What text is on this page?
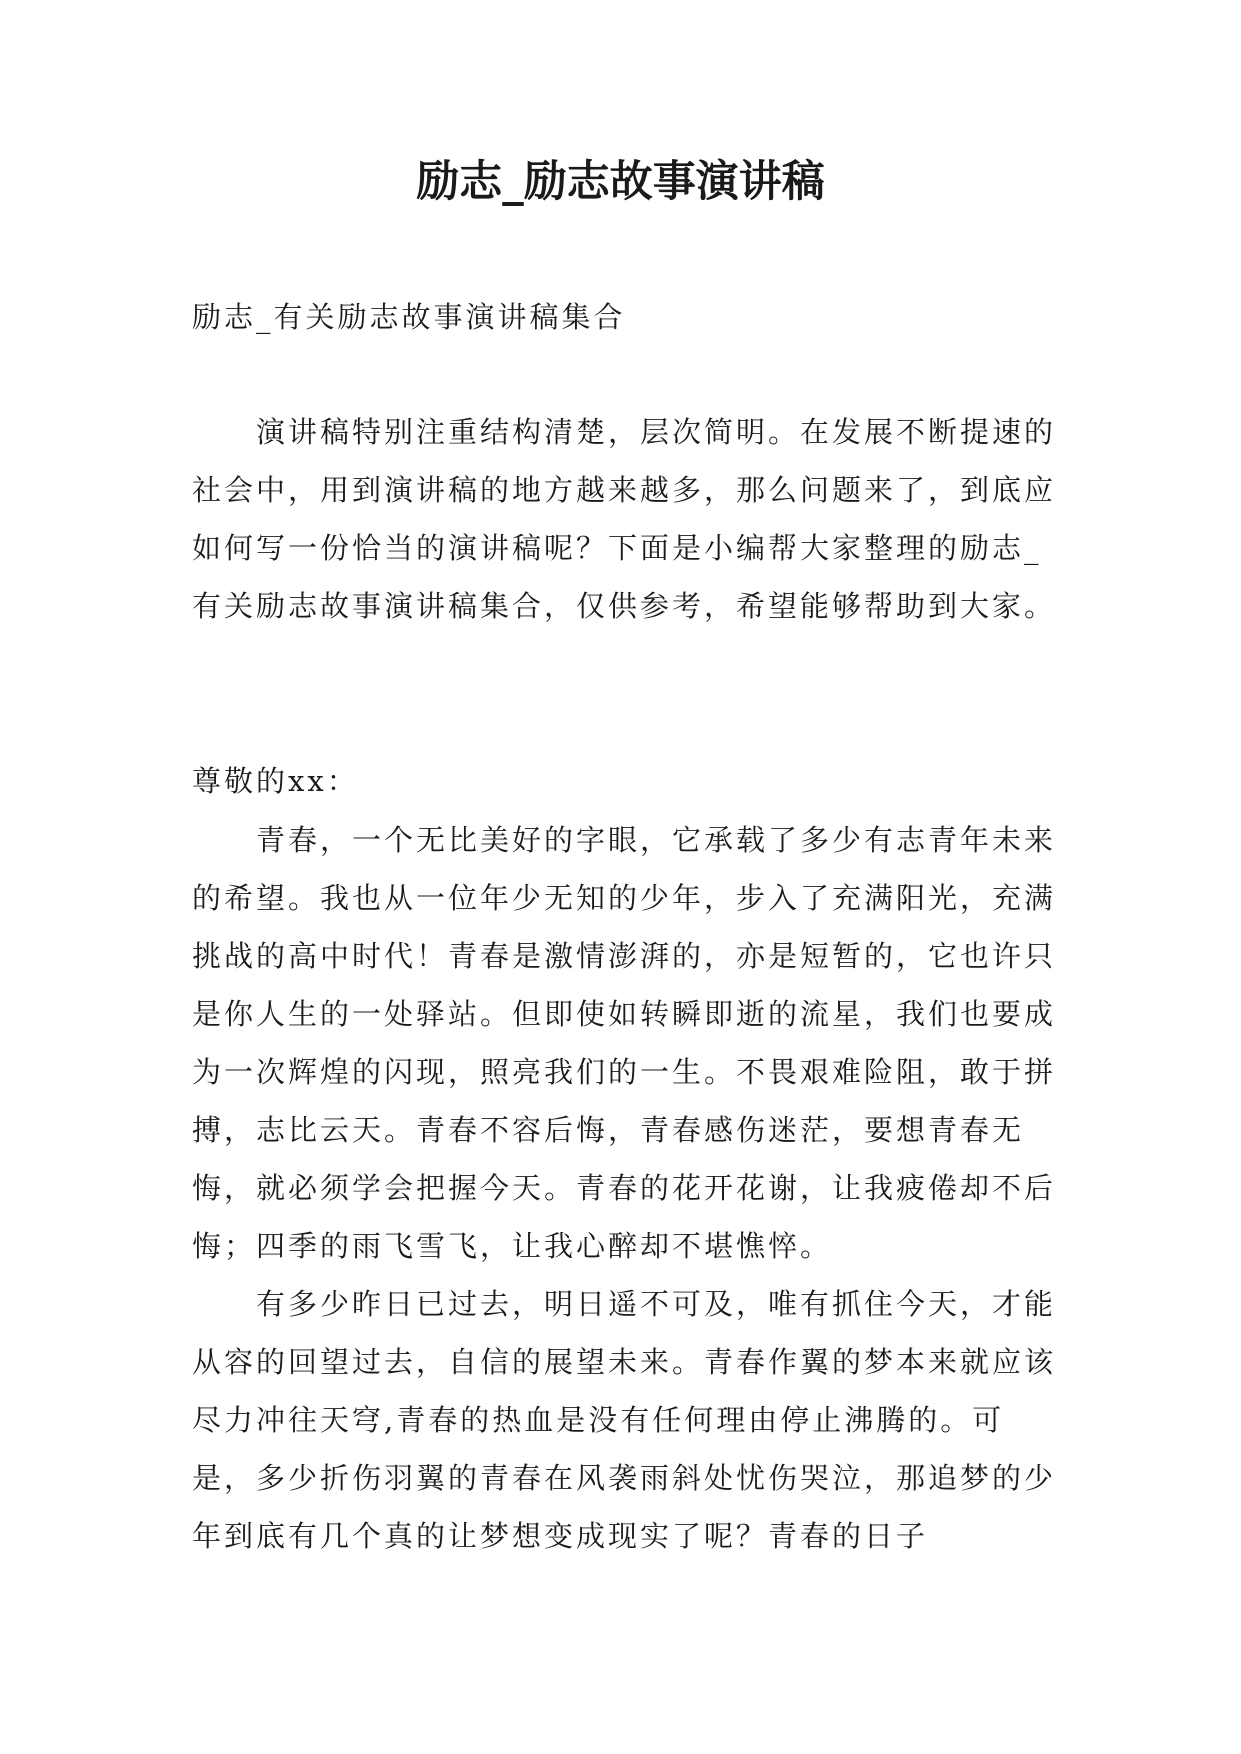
励志_励志故事演讲稿

励志_有关励志故事演讲稿集合

演讲稿特别注重结构清楚，层次简明。在发展不断提速的社会中，用到演讲稿的地方越来越多，那么问题来了，到底应如何写一份恰当的演讲稿呢？下面是小编帮大家整理的励志_有关励志故事演讲稿集合，仅供参考，希望能够帮助到大家。

尊敬的xx：

青春，一个无比美好的字眼，它承载了多少有志青年未来的希望。我也从一位年少无知的少年，步入了充满阳光，充满挑战的高中时代！青春是激情澎湃的，亦是短暂的，它也许只是你人生的一处驿站。但即使如转瞬即逝的流星，我们也要成为一次辉煌的闪现，照亮我们的一生。不畏艰难险阻，敢于拼搏，志比云天。青春不容后悔，青春感伤迷茫，要想青春无悔，就必须学会把握今天。青春的花开花谢，让我疲倦却不后悔；四季的雨飞雪飞，让我心醉却不堪憔悴。

有多少昨日已过去，明日遥不可及，唯有抓住今天，才能从容的回望过去，自信的展望未来。青春作翼的梦本来就应该尽力冲往天穹,青春的热血是没有任何理由停止沸腾的。可是，多少折伤羽翼的青春在风袭雨斜处忧伤哭泣，那追梦的少年到底有几个真的让梦想变成现实了呢？青春的日子
